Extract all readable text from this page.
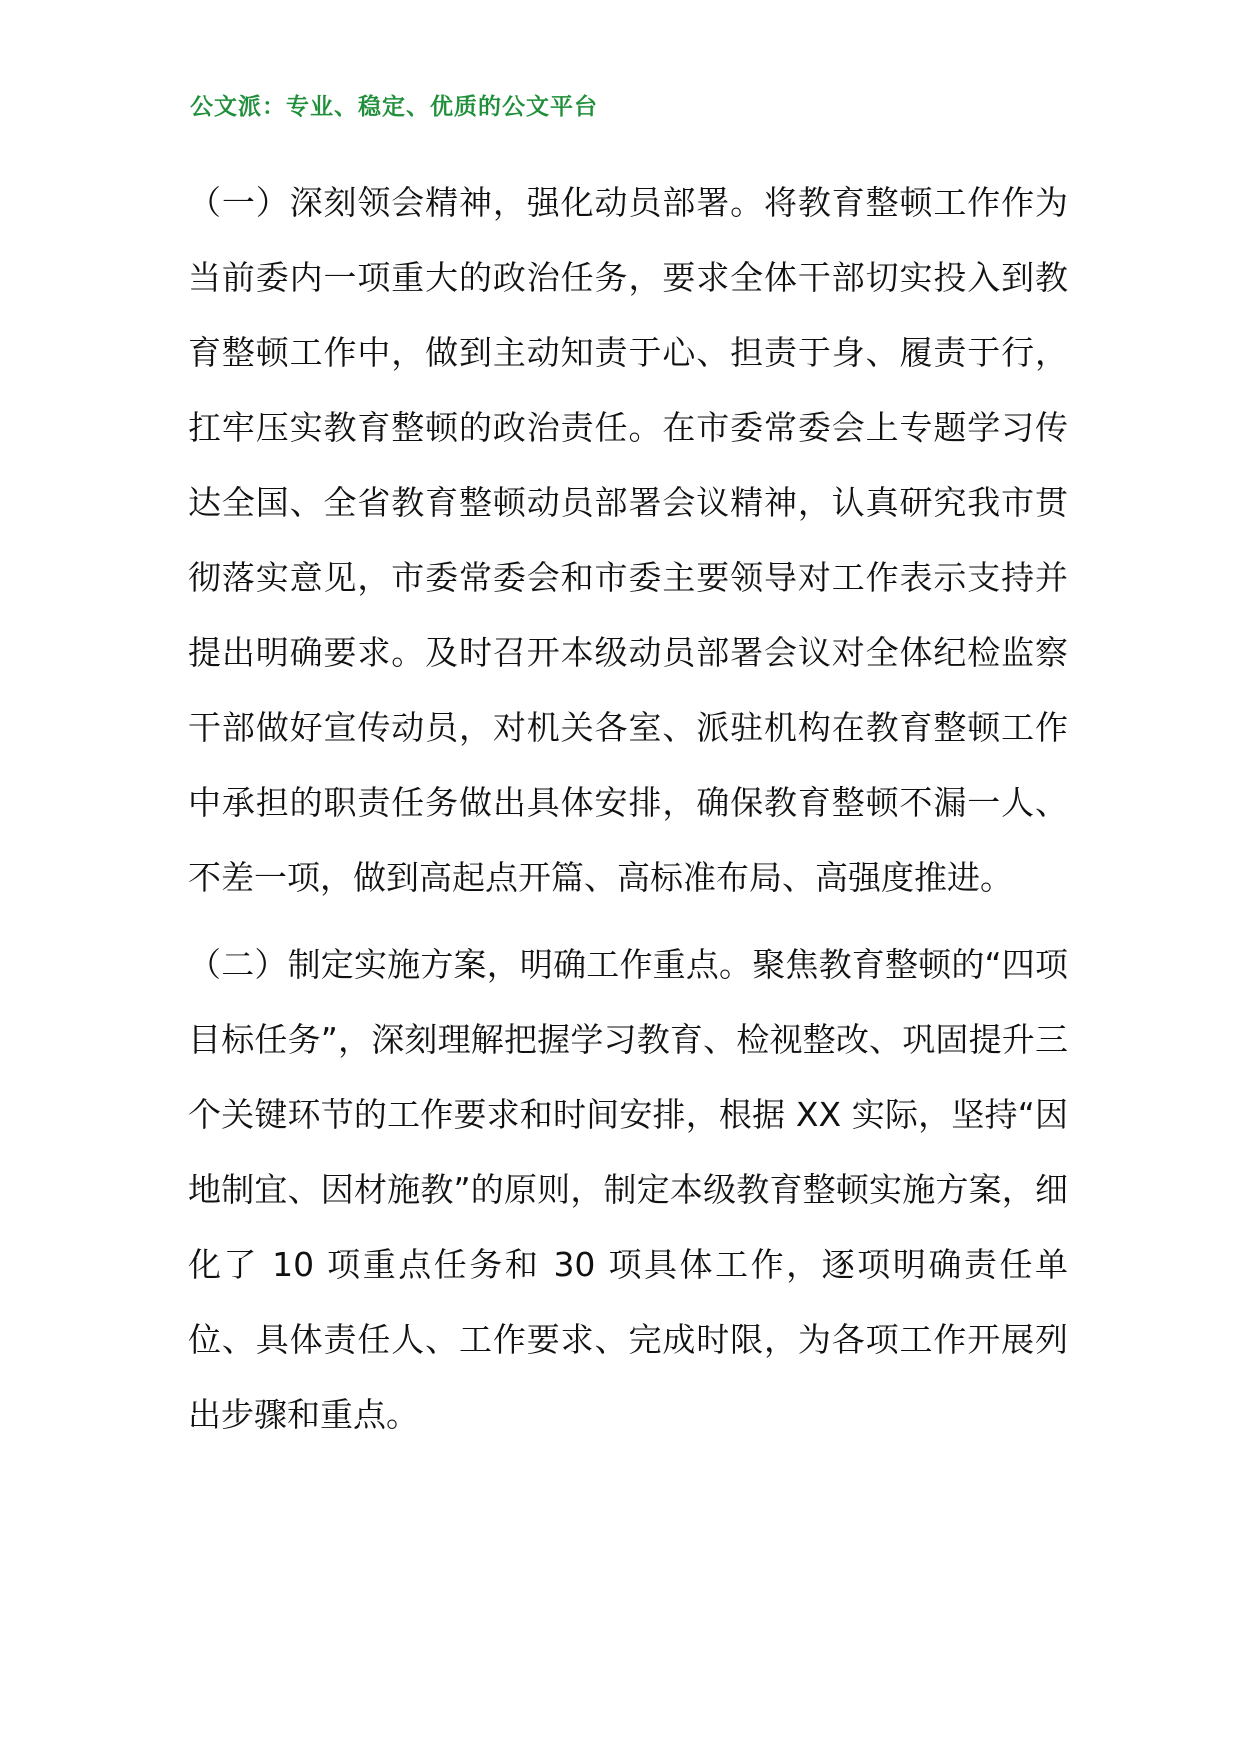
公文派：专业、稳定、优质的公文平台

（一）深刻领会精神，强化动员部署。将教育整顿工作作为当前委内一项重大的政治任务，要求全体干部切实投入到教育整顿工作中，做到主动知责于心、担责于身、履责于行，扛牢压实教育整顿的政治责任。在市委常委会上专题学习传达全国、全省教育整顿动员部署会议精神，认真研究我市贯彻落实意见，市委常委会和市委主要领导对工作表示支持并提出明确要求。及时召开本级动员部署会议对全体纪检监察干部做好宣传动员，对机关各室、派驻机构在教育整顿工作中承担的职责任务做出具体安排，确保教育整顿不漏一人、不差一项，做到高起点开篇、高标准布局、高强度推进。

（二）制定实施方案，明确工作重点。聚焦教育整顿的“四项目标任务”，深刻理解把握学习教育、检视整改、巩固提升三个关键环节的工作要求和时间安排，根据 XX 实际，坚持“因地制宜、因材施教”的原则，制定本级教育整顿实施方案，细化了 10 项重点任务和 30 项具体工作，逐项明确责任单位、具体责任人、工作要求、完成时限，为各项工作开展列出步骤和重点。
